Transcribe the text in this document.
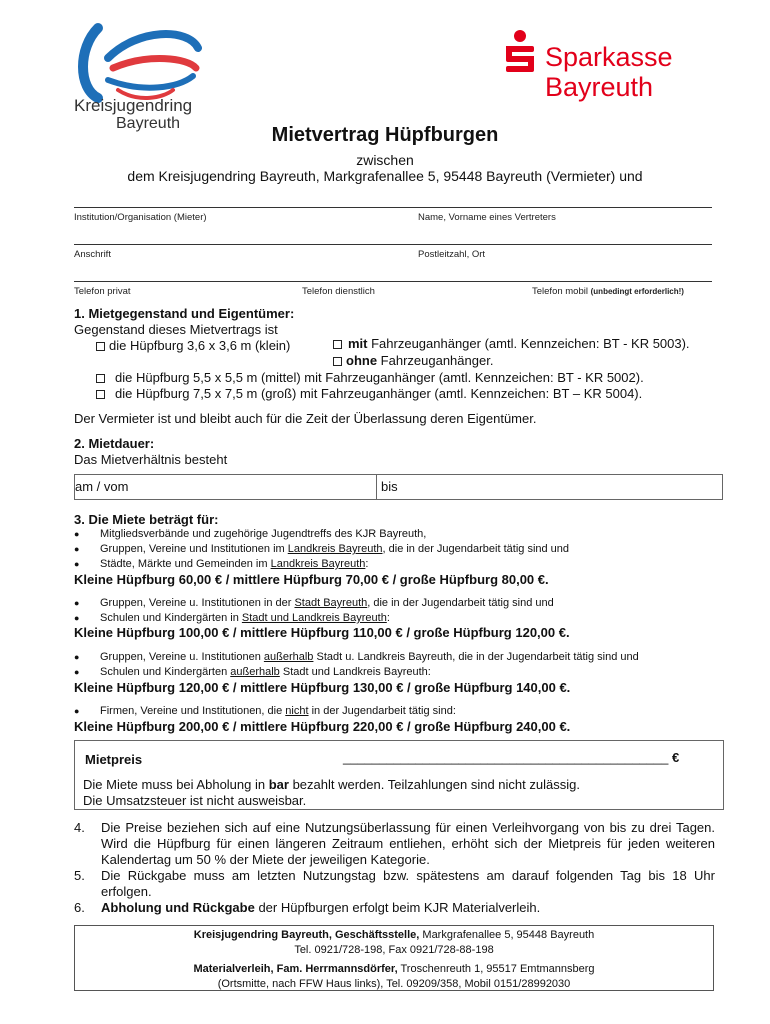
Kreisjugendring
Bayreuth
Sparkasse
Bayreuth
Mietvertrag Hüpfburgen
zwischen
dem Kreisjugendring Bayreuth, Markgrafenallee 5, 95448 Bayreuth (Vermieter) und
Institution/Organisation (Mieter)	Name, Vorname eines Vertreters
Anschrift	Postleitzahl, Ort
Telefon privat	Telefon dienstlich	Telefon mobil (unbedingt erforderlich!)
1. Mietgegenstand und Eigentümer:
Gegenstand dieses Mietvertrags ist
die Hüpfburg 3,6 x 3,6 m (klein)	mit Fahrzeuganhänger (amtl. Kennzeichen: BT - KR 5003).
ohne Fahrzeuganhänger.
die Hüpfburg 5,5 x 5,5 m (mittel) mit Fahrzeuganhänger (amtl. Kennzeichen: BT - KR 5002).
die Hüpfburg 7,5 x 7,5 m (groß) mit Fahrzeuganhänger (amtl. Kennzeichen: BT – KR 5004).
Der Vermieter ist und bleibt auch für die Zeit der Überlassung deren Eigentümer.
2. Mietdauer:
Das Mietverhältnis besteht
am / vom	bis
3. Die Miete beträgt für:
● Mitgliedsverbände und zugehörige Jugendtreffs des KJR Bayreuth,
● Gruppen, Vereine und Institutionen im Landkreis Bayreuth, die in der Jugendarbeit tätig sind und
● Städte, Märkte und Gemeinden im Landkreis Bayreuth:
Kleine Hüpfburg 60,00 € / mittlere Hüpfburg 70,00 € / große Hüpfburg 80,00 €.
● Gruppen, Vereine u. Institutionen in der Stadt Bayreuth, die in der Jugendarbeit tätig sind und
● Schulen und Kindergärten in Stadt und Landkreis Bayreuth:
Kleine Hüpfburg 100,00 € / mittlere Hüpfburg 110,00 € / große Hüpfburg 120,00 €.
● Gruppen, Vereine u. Institutionen außerhalb Stadt u. Landkreis Bayreuth, die in der Jugendarbeit tätig sind und
● Schulen und Kindergärten außerhalb Stadt und Landkreis Bayreuth:
Kleine Hüpfburg 120,00 € / mittlere Hüpfburg 130,00 € / große Hüpfburg 140,00 €.
● Firmen, Vereine und Institutionen, die nicht in der Jugendarbeit tätig sind:
Kleine Hüpfburg 200,00 € / mittlere Hüpfburg 220,00 € / große Hüpfburg 240,00 €.
Mietpreis	_____________________________________________ €
Die Miete muss bei Abholung in bar bezahlt werden. Teilzahlungen sind nicht zulässig.
Die Umsatzsteuer ist nicht ausweisbar.
4. Die Preise beziehen sich auf eine Nutzungsüberlassung für einen Verleihvorgang von bis zu drei Tagen. Wird die Hüpfburg für einen längeren Zeitraum entliehen, erhöht sich der Mietpreis für jeden weiteren Kalendertag um 50 % der Miete der jeweiligen Kategorie.
5. Die Rückgabe muss am letzten Nutzungstag bzw. spätestens am darauf folgenden Tag bis 18 Uhr erfolgen.
6. Abholung und Rückgabe der Hüpfburgen erfolgt beim KJR Materialverleih.
Kreisjugendring Bayreuth, Geschäftsstelle, Markgrafenallee 5, 95448 Bayreuth
Tel. 0921/728-198, Fax 0921/728-88-198
Materialverleih, Fam. Herrmannsdörfer, Troschenreuth 1, 95517 Emtmannsberg
(Ortsmitte, nach FFW Haus links), Tel. 09209/358, Mobil 0151/28992030
